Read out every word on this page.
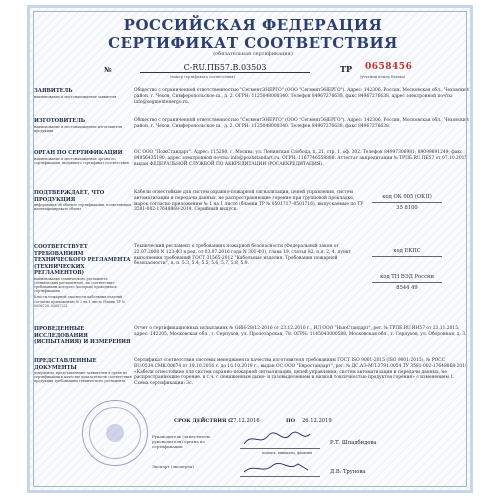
РОССИЙСКАЯ ФЕДЕРАЦИЯ
СЕРТИФИКАТ СООТВЕТСТВИЯ
(обязательная сертификация)
№	С-RU.ПБ57.В.03503
(номер сертификата соответствия)
ТР 0658456
(учетный номер бланка)
ЗАЯВИТЕЛЬ
наименование и местонахождение заявителя
Общество с ограниченной ответственностью "СегментЭНЕРГО" (ООО "СегментЭНЕРГО"). Адрес: 142306, Россия, Московская обл., Чеховский район, г. Чехов, Симферопольское ш., д. 2. ОГРН: 1125048000340. Телефон 84967276638, факс 84967276638, адрес электронной почты info@segmentenergo.ru.
ИЗГОТОВИТЕЛЬ
наименование и местонахождение изготовителя продукции
Общество с ограниченной ответственностью "СегментЭНЕРГО" (ООО "СегментЭНЕРГО"). Адрес: 142306, Россия, Московская обл., Чеховский район, г. Чехов, Симферопольское ш., д. 2. ОГРН: 1125048000340. Телефон 84967276638, факс 84967276638.
ОРГАН ПО СЕРТИФИКАЦИИ
наименование и местонахождение органа по сертификации, выдавшего сертификат соответствия
ОС ООО "ПожСтандарт". Адрес: 115280, г. Москва, ул. Ленинская Слобода, д. 21, стр. 1, оф. 302. Телефон 84997306981; 89099891249, факс 84956435190, адрес электронной почты: info@pozhstandart.ru. ОГРН: 1167746558888. Аттестат аккредитации № ТРПБ.RU.ПБ57 от 07.10.2015 выдан ФЕДЕРАЛЬНОЙ СЛУЖБОЙ ПО АККРЕДИТАЦИИ (РОСАККРЕДИТАЦИЯ).
ПОДТВЕРЖДАЕТ, ЧТО ПРОДУКЦИЯ
информация об объекте сертификации, позволяющая идентифицировать объект
Кабели огнестойкие для систем охранно-пожарной сигнализации, цепей управления, систем автоматизации и передачи данных, не распространяющие горение при групповой прокладке, марок согласно приложению № 1 на 1 листе (бланки ТР № 0501717–0501716), выпускаемые по ТУ 3581-002-17648868-2014. Серийный выпуск.
код ОК 005 (ОКП)
35 8100
СООТВЕТСТВУЕТ ТРЕБОВАНИЯМ ТЕХНИЧЕСКОГО РЕГЛАМЕНТА (ТЕХНИЧЕСКИХ РЕГЛАМЕНТОВ)
наименование технического регламента (технических регламентов), на соответствие требованиям которого (которых) проводилась сертификация
Классы пожарной опасности кабельных изделий согласно приложению № 2 на 1 листе (бланк ТР № 0506720–0506722).
Технический регламент о требованиях пожарной безопасности (Федеральный закон от 22.07.2008 N 123-ФЗ в ред. от 03.07.2016 года N 301-ФЗ), глава 19, статья 82, п.п. 2, 4, пункт выполнения требований ГОСТ 31565-2012 "Кабельные изделия. Требования пожарной безопасности", п. п. 5.3, 5.4, 5.5, 5.6, 5.7, 5.8, 5.9.
код ЕКПС

код ТН ВЭД России
8544 49
ПРОВЕДЕННЫЕ ИССЛЕДОВАНИЯ (ИСПЫТАНИЯ) И ИЗМЕРЕНИЯ
Отчет о сертификационных испытаниях № ОЯН-28/12-2016 от 23.12.2016 г., ИЛ ООО "НьюСтандарт", рег. № ТРПБ.RU.ИН57 от 23.11.2015, адрес: 142205, Московская обл., г. Серпухов, ул. Пролетарская, 78. ОГРН: 1145043000588, Московская обл., г. Серпухов, ул. Оборонная, д. 3.
ПРЕДСТАВЛЕННЫЕ ДОКУМЕНТЫ
документы, представленные заявителем в орган по сертификации в качестве доказательств соответствия продукции требованиям технического регламента
Сертификат соответствия системы менеджмента качества изготовителя требованиям ГОСТ ISO 9001-2015 (ISO 9001:2015), № РОСС RU.0534.СМК.00674 от 19.10.2016 г. до 16.10.2019 г., выдан ОС ООО "Евростандарт", рег. № ДС.АЭ-МЛ.3791.0054 ТУ 3581-002-17648868-2014 «Кабели огнестойкие для систем охранно-пожарной сигнализации, цепей управления, систем автоматизации и передачи данных, не распространяющие горение, в т.ч. с пониженным дымо- и газовыделением и низкой токсичностью продуктов горения» с изменением 1. Схема сертификации: 3с.
СРОК ДЕЙСТВИЯ С
27.12.2016	ПО 26.12.2019
Руководитель (заместитель руководителя) органа по сертификации
Р.Т. Шпадбидова
подпись, инициалы, фамилия
Эксперт (эксперты)
Д.В. Трунова
